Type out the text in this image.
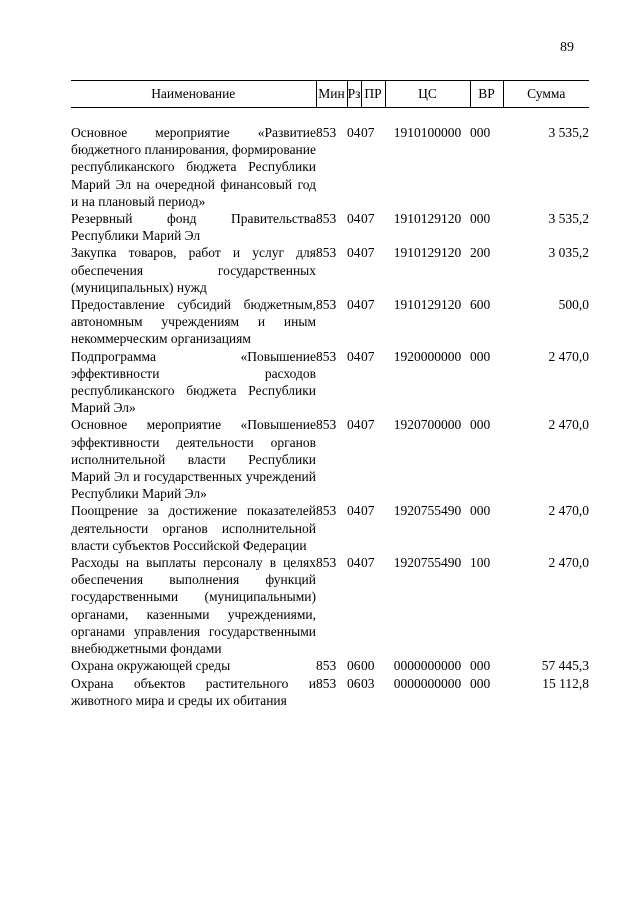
89
Наименование	Мин	Рз	ПР	ЦС	ВР	Сумма

Основное мероприятие «Развитие бюджетного планирования, формирование республиканского бюджета Республики Марий Эл на очередной финансовый год и на плановый период»	853	04	07	1910100000	000	3 535,2
Резервный фонд Правительства Республики Марий Эл	853	04	07	1910129120	000	3 535,2
Закупка товаров, работ и услуг для обеспечения государственных (муниципальных) нужд	853	04	07	1910129120	200	3 035,2
Предоставление субсидий бюджетным, автономным учреждениям и иным некоммерческим организациям	853	04	07	1910129120	600	500,0
Подпрограмма «Повышение эффективности расходов республиканского бюджета Республики Марий Эл»	853	04	07	1920000000	000	2 470,0
Основное мероприятие «Повышение эффективности деятельности органов исполнительной власти Республики Марий Эл и государственных учреждений Республики Марий Эл»	853	04	07	1920700000	000	2 470,0
Поощрение за достижение показателей деятельности органов исполнительной власти субъектов Российской Федерации	853	04	07	1920755490	000	2 470,0
Расходы на выплаты персоналу в целях обеспечения выполнения функций государственными (муниципальными) органами, казенными учреждениями, органами управления государственными внебюджетными фондами	853	04	07	1920755490	100	2 470,0
Охрана окружающей среды	853	06	00	0000000000	000	57 445,3
Охрана объектов растительного и животного мира и среды их обитания	853	06	03	0000000000	000	15 112,8
